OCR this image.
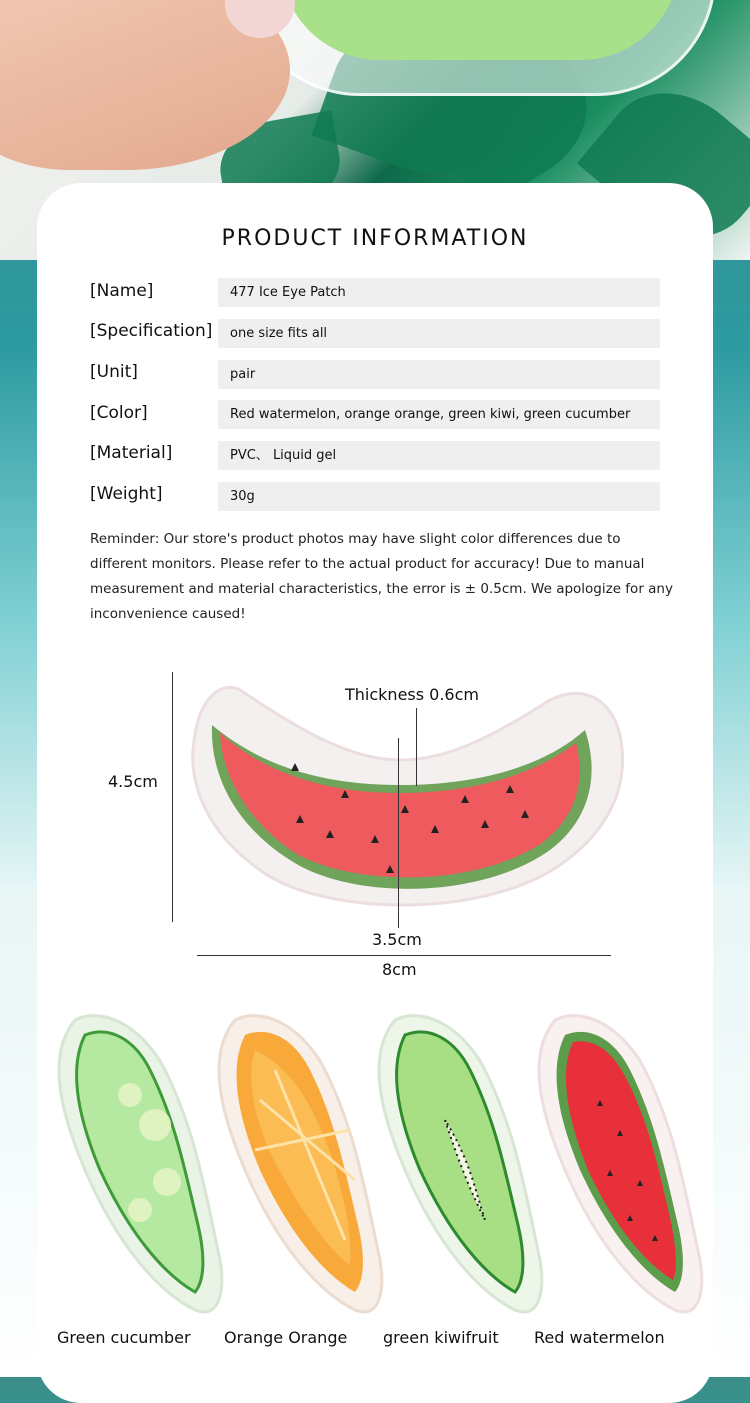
PRODUCT INFORMATION
[Name]	477 Ice Eye Patch
[Specification]	one size fits all
[Unit]	pair
[Color]	Red watermelon, orange orange, green kiwi, green cucumber
[Material]	PVC、 Liquid gel
[Weight]	30g
Reminder: Our store's product photos may have slight color differences due to different monitors. Please refer to the actual product for accuracy! Due to manual measurement and material characteristics, the error is ± 0.5cm. We apologize for any inconvenience caused!
Thickness 0.6cm
4.5cm
3.5cm
8cm
Green cucumber Orange Orange green kiwifruit Red watermelon
